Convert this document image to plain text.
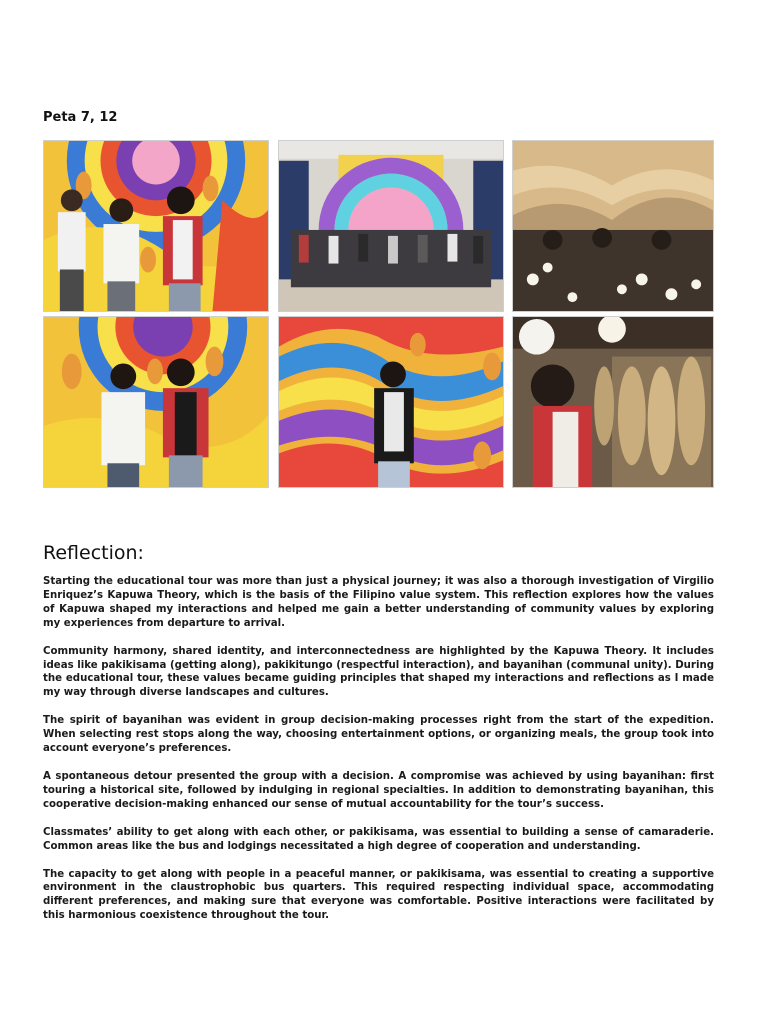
Peta 7, 12
Reflection:

Starting the educational tour was more than just a physical journey; it was also a thorough investigation of Virgilio Enriquez’s Kapuwa Theory, which is the basis of the Filipino value system. This reflection explores how the values of Kapuwa shaped my interactions and helped me gain a better understanding of community values by exploring my experiences from departure to arrival.

Community harmony, shared identity, and interconnectedness are highlighted by the Kapuwa Theory. It includes ideas like pakikisama (getting along), pakikitungo (respectful interaction), and bayanihan (communal unity). During the educational tour, these values became guiding principles that shaped my interactions and reflections as I made my way through diverse landscapes and cultures.

The spirit of bayanihan was evident in group decision-making processes right from the start of the expedition. When selecting rest stops along the way, choosing entertainment options, or organizing meals, the group took into account everyone’s preferences.

A spontaneous detour presented the group with a decision. A compromise was achieved by using bayanihan: first touring a historical site, followed by indulging in regional specialties. In addition to demonstrating bayanihan, this cooperative decision-making enhanced our sense of mutual accountability for the tour’s success.

Classmates’ ability to get along with each other, or pakikisama, was essential to building a sense of camaraderie. Common areas like the bus and lodgings necessitated a high degree of cooperation and understanding.

The capacity to get along with people in a peaceful manner, or pakikisama, was essential to creating a supportive environment in the claustrophobic bus quarters. This required respecting individual space, accommodating different preferences, and making sure that everyone was comfortable. Positive interactions were facilitated by this harmonious coexistence throughout the tour.
